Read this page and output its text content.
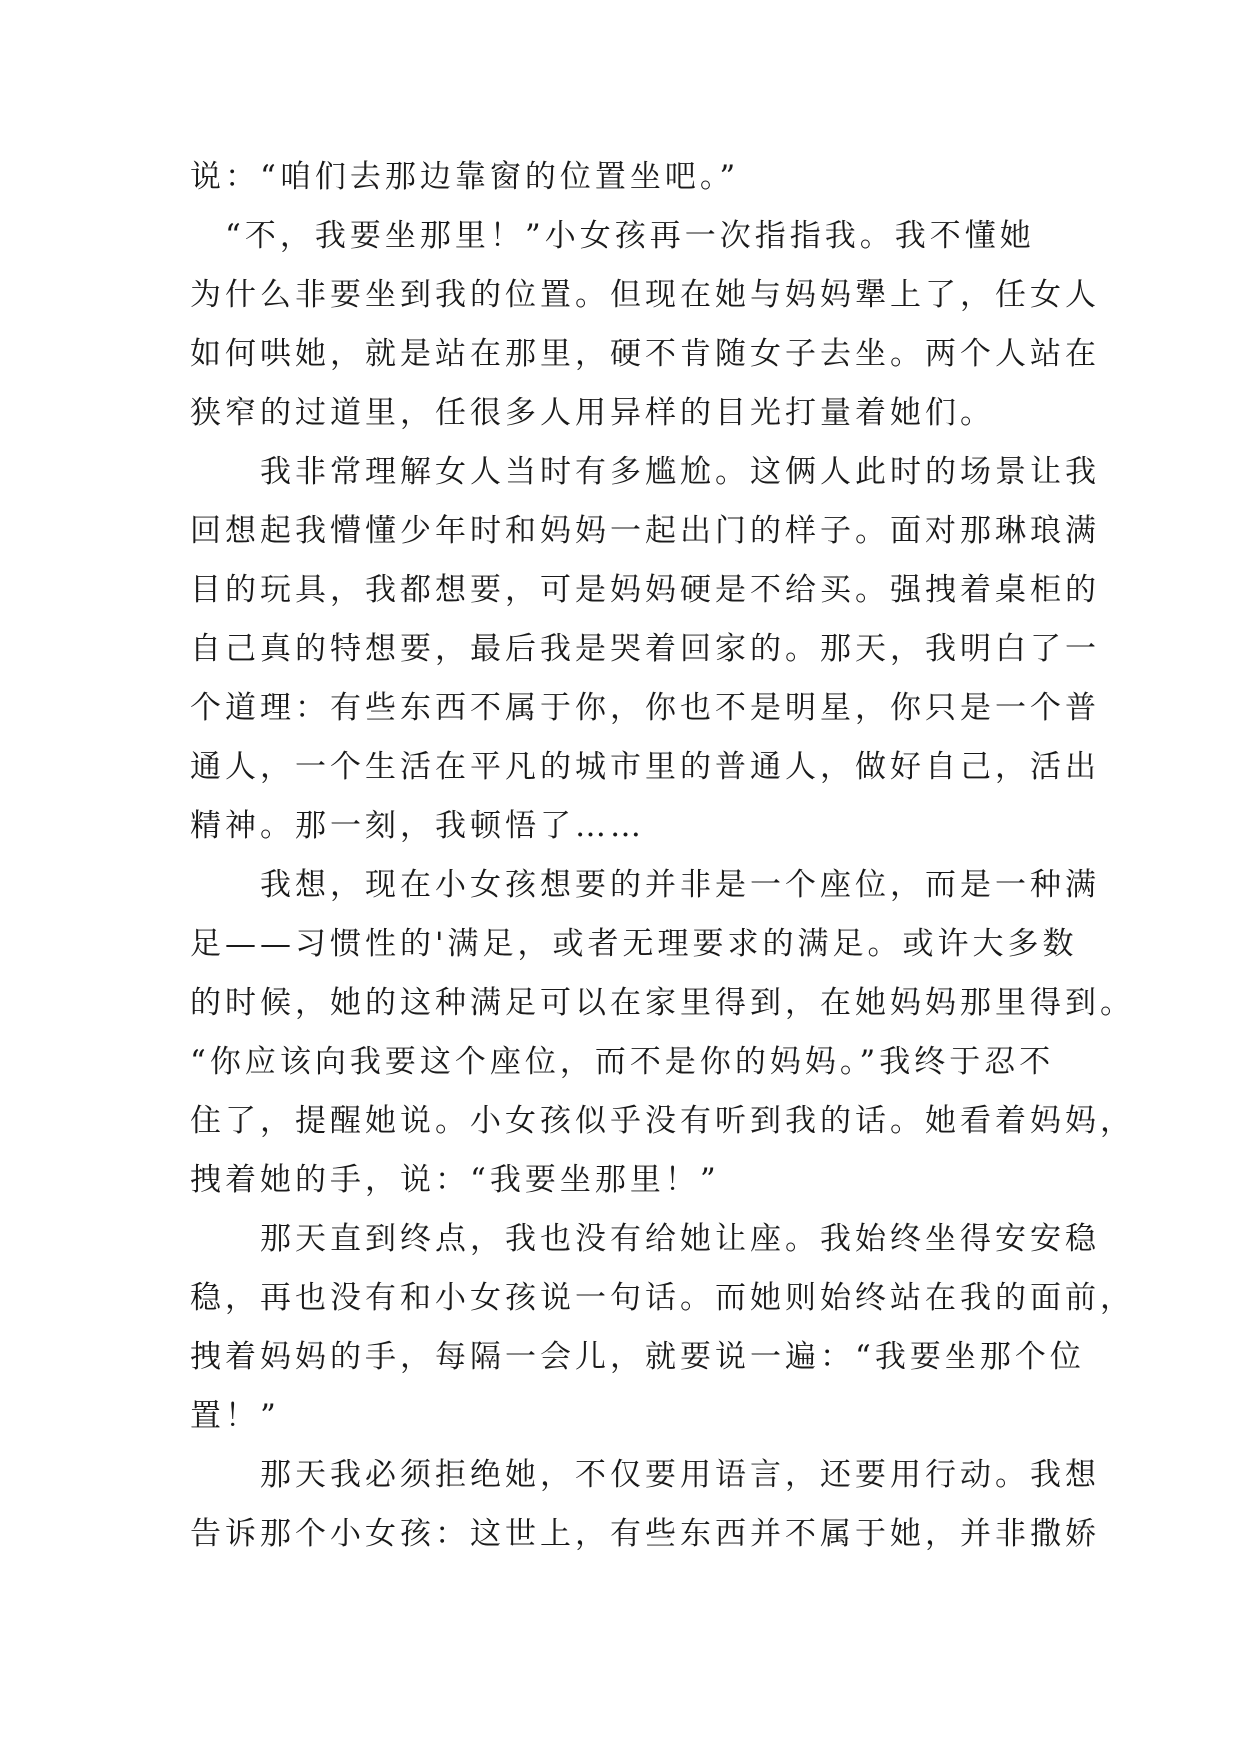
说：“咱们去那边靠窗的位置坐吧。”
　“不，我要坐那里！”小女孩再一次指指我。我不懂她
为什么非要坐到我的位置。但现在她与妈妈犟上了，任女人
如何哄她，就是站在那里，硬不肯随女子去坐。两个人站在
狭窄的过道里，任很多人用异样的目光打量着她们。
　　我非常理解女人当时有多尴尬。这俩人此时的场景让我
回想起我懵懂少年时和妈妈一起出门的样子。面对那琳琅满
目的玩具，我都想要，可是妈妈硬是不给买。强拽着桌柜的
自己真的特想要，最后我是哭着回家的。那天，我明白了一
个道理：有些东西不属于你，你也不是明星，你只是一个普
通人，一个生活在平凡的城市里的普通人，做好自己，活出
精神。那一刻，我顿悟了……
　　我想，现在小女孩想要的并非是一个座位，而是一种满
足——习惯性的'满足，或者无理要求的满足。或许大多数
的时候，她的这种满足可以在家里得到，在她妈妈那里得到。
“你应该向我要这个座位，而不是你的妈妈。”我终于忍不
住了，提醒她说。小女孩似乎没有听到我的话。她看着妈妈，
拽着她的手，说：“我要坐那里！”
　　那天直到终点，我也没有给她让座。我始终坐得安安稳
稳，再也没有和小女孩说一句话。而她则始终站在我的面前，
拽着妈妈的手，每隔一会儿，就要说一遍：“我要坐那个位
置！”
　　那天我必须拒绝她，不仅要用语言，还要用行动。我想
告诉那个小女孩：这世上，有些东西并不属于她，并非撒娇
